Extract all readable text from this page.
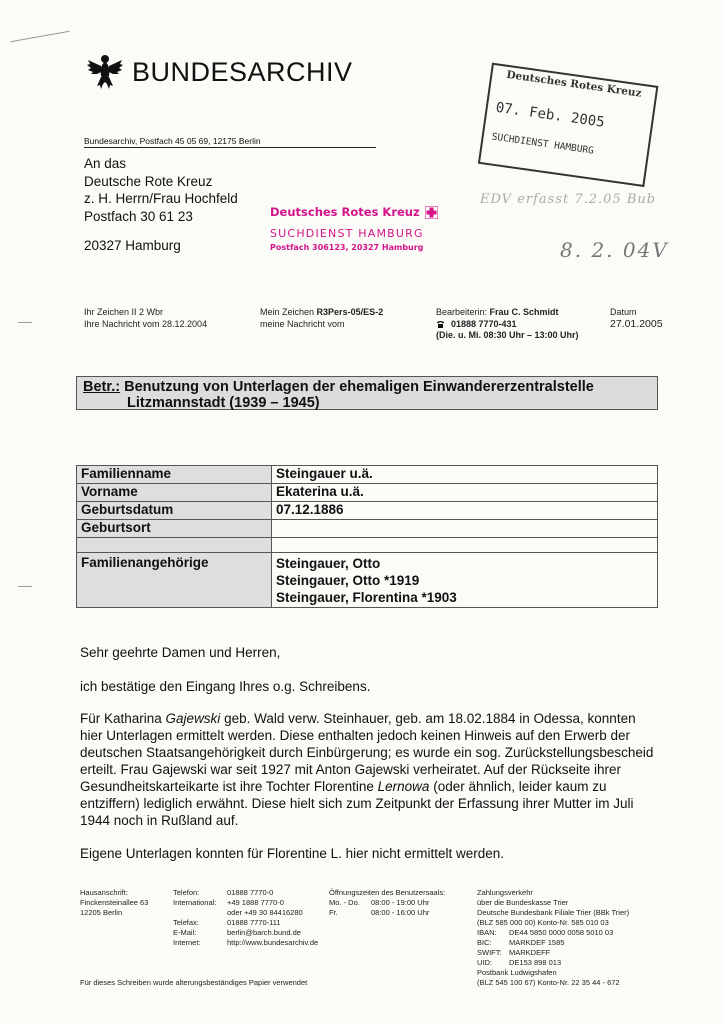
BUNDESARCHIV
Bundesarchiv, Postfach 45 05 69, 12175 Berlin
An das
Deutsche Rote Kreuz
z. H. Herrn/Frau Hochfeld
Postfach 30 61 23
20327 Hamburg
Deutsches Rotes Kreuz
SUCHDIENST HAMBURG
Postfach 306123, 20327 Hamburg
Deutsches Rotes Kreuz
07. Feb. 2005
SUCHDIENST HAMBURG
EDV erfasst 7.2.05 Bub
8. 2. 04V
Ihr Zeichen II 2 Wbr
Ihre Nachricht vom 28.12.2004
Mein Zeichen R3Pers-05/ES-2
meine Nachricht vom
Bearbeiterin: Frau C. Schmidt
01888 7770-431
(Die. u. Mi. 08:30 Uhr – 13:00 Uhr)
Datum
27.01.2005
Betr.: Benutzung von Unterlagen der ehemaligen Einwandererzentralstelle
Litzmannstadt (1939 – 1945)
Familienname	Steingauer u.ä.
Vorname	Ekaterina u.ä.
Geburtsdatum	07.12.1886
Geburtsort	

Familienangehörige	Steingauer, Otto
Steingauer, Otto *1919
Steingauer, Florentina *1903
Sehr geehrte Damen und Herren,
ich bestätige den Eingang Ihres o.g. Schreibens.
Für Katharina Gajewski geb. Wald verw. Steinhauer, geb. am 18.02.1884 in Odessa, konnten hier Unterlagen ermittelt werden. Diese enthalten jedoch keinen Hinweis auf den Erwerb der deutschen Staatsangehörigkeit durch Einbürgerung; es wurde ein sog. Zurückstellungsbescheid erteilt. Frau Gajewski war seit 1927 mit Anton Gajewski verheiratet. Auf der Rückseite ihrer Gesundheitskarteikarte ist ihre Tochter Florentine Lernowa (oder ähnlich, leider kaum zu entziffern) lediglich erwähnt. Diese hielt sich zum Zeitpunkt der Erfassung ihrer Mutter im Juli 1944 noch in Rußland auf.
Eigene Unterlagen konnten für Florentine L. hier nicht ermittelt werden.
Hausanschrift:
Finckensteinallee 63
12205 Berlin
Telefon:	01888 7770-0
International:	+49 1888 7770-0
oder +49 30 84416280
Telefax:	01888 7770-111
E-Mail:	berlin@barch.bund.de
Internet:	http://www.bundesarchiv.de
Öffnungszeiten des Benutzersaals:
Mo. - Do.	08:00 - 19:00 Uhr
Fr.	08:00 - 16:00 Uhr
Zahlungsverkehr
über die Bundeskasse Trier
Deutsche Bundesbank Filiale Trier (BBk Trier)
(BLZ 585 000 00) Konto-Nr. 585 010 03
IBAN:	DE44 5850 0000 0058 5010 03
BIC:	MARKDEF 1585
SWIFT: MARKDEFF
UID:	DE153 898 013
Postbank Ludwigshafen
(BLZ 545 100 67) Konto-Nr. 22 35 44 - 672
Für dieses Schreiben wurde alterungsbeständiges Papier verwendet
